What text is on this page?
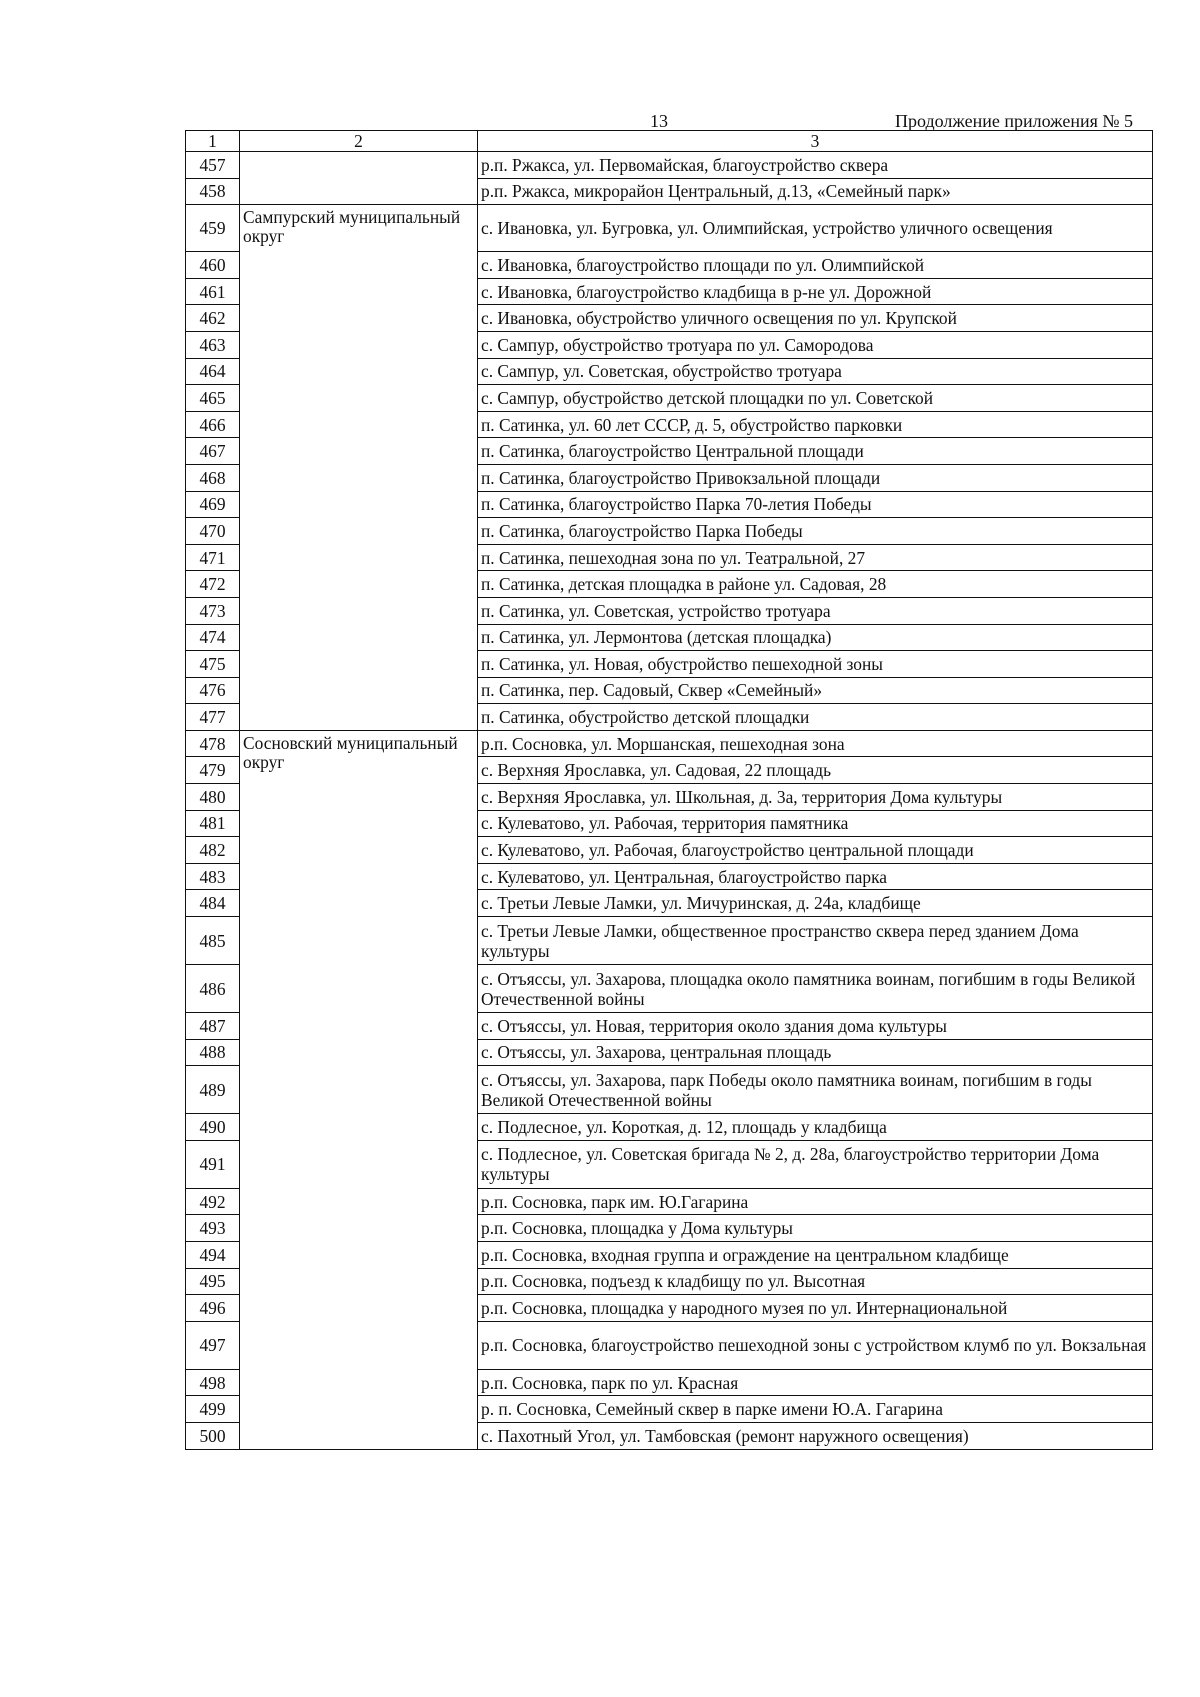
13	Продолжение приложения № 5
1	2	3
457		р.п. Ржакса, ул. Первомайская, благоустройство сквера
458		р.п. Ржакса, микрорайон Центральный, д.13, «Семейный парк»
459	Сампурский муниципальный округ	с. Ивановка, ул. Бугровка, ул. Олимпийская, устройство уличного освещения
460		с. Ивановка, благоустройство площади по ул. Олимпийской
461		с. Ивановка, благоустройство кладбища в р-не ул. Дорожной
462		с. Ивановка, обустройство уличного освещения по ул. Крупской
463		с. Сампур, обустройство тротуара по ул. Самородова
464		с. Сампур, ул. Советская, обустройство тротуара
465		с. Сампур, обустройство детской площадки по ул. Советской
466		п. Сатинка, ул. 60 лет СССР, д. 5, обустройство парковки
467		п. Сатинка, благоустройство Центральной площади
468		п. Сатинка, благоустройство Привокзальной площади
469		п. Сатинка, благоустройство Парка 70-летия Победы
470		п. Сатинка, благоустройство Парка Победы
471		п. Сатинка, пешеходная зона по ул. Театральной, 27
472		п. Сатинка, детская площадка в районе ул. Садовая, 28
473		п. Сатинка, ул. Советская, устройство тротуара
474		п. Сатинка, ул. Лермонтова (детская площадка)
475		п. Сатинка, ул. Новая, обустройство пешеходной зоны
476		п. Сатинка, пер. Садовый, Сквер «Семейный»
477		п. Сатинка, обустройство детской площадки
478	Сосновский муниципальный округ	р.п. Сосновка, ул. Моршанская, пешеходная зона
479		с. Верхняя Ярославка, ул. Садовая, 22 площадь
480		с. Верхняя Ярославка, ул. Школьная, д. 3а, территория Дома культуры
481		с. Кулеватово, ул. Рабочая, территория памятника
482		с. Кулеватово, ул. Рабочая, благоустройство центральной площади
483		с. Кулеватово, ул. Центральная, благоустройство парка
484		с. Третьи Левые Ламки, ул. Мичуринская, д. 24а, кладбище
485		с. Третьи Левые Ламки, общественное пространство сквера перед зданием Дома культуры
486		с. Отъяссы, ул. Захарова, площадка около памятника воинам, погибшим в годы Великой Отечественной войны
487		с. Отъяссы, ул. Новая, территория около здания дома культуры
488		с. Отъяссы, ул. Захарова, центральная площадь
489		с. Отъяссы, ул. Захарова, парк Победы около памятника воинам, погибшим в годы Великой Отечественной войны
490		с. Подлесное, ул. Короткая, д. 12, площадь у кладбища
491		с. Подлесное, ул. Советская бригада № 2, д. 28а, благоустройство территории Дома культуры
492		р.п. Сосновка, парк им. Ю.Гагарина
493		р.п. Сосновка, площадка у Дома культуры
494		р.п. Сосновка, входная группа и ограждение на центральном кладбище
495		р.п. Сосновка, подъезд к кладбищу по ул. Высотная
496		р.п. Сосновка, площадка у народного музея по ул. Интернациональной
497		р.п. Сосновка, благоустройство пешеходной зоны с устройством клумб по ул. Вокзальная
498		р.п. Сосновка, парк по ул. Красная
499		р. п. Сосновка, Семейный сквер в парке имени Ю.А. Гагарина
500		с. Пахотный Угол, ул. Тамбовская (ремонт наружного освещения)
